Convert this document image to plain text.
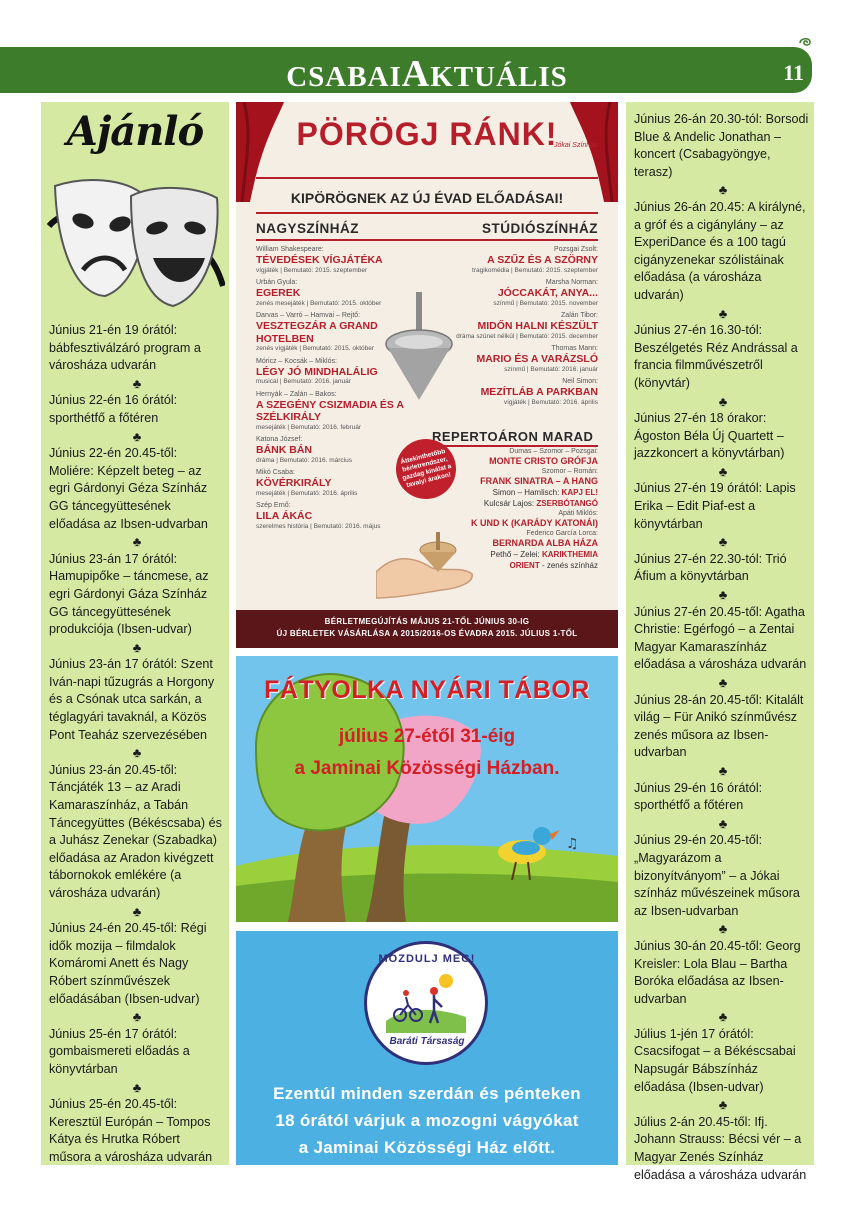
CSABAIAKTUÁLIS	11
Ajánló
Június 21-én 19 órától: bábfesztiválzáró program a városháza udvarán
♣
Június 22-én 16 órától: sporthétfő a főtéren
♣
Június 22-én 20.45-től: Moliére: Képzelt beteg – az egri Gárdonyi Géza Színház GG táncegyüttesének előadása az Ibsen-udvarban
♣
Június 23-án 17 órától: Hamupipőke – táncmese, az egri Gárdonyi Gáza Színház GG táncegyüttesének produkciója (Ibsen-udvar)
♣
Június 23-án 17 órától: Szent Iván-napi tűzugrás a Horgony és a Csónak utca sarkán, a téglagyári tavaknál, a Közös Pont Teaház szervezésében
♣
Június 23-án 20.45-től: Táncjáték 13 – az Aradi Kamaraszínház, a Tabán Táncegyüttes (Békéscsaba) és a Juhász Zenekar (Szabadka) előadása az Aradon kivégzett tábornokok emlékére (a városháza udvarán)
♣
Június 24-én 20.45-től: Régi idők mozija – filmdalok Komáromi Anett és Nagy Róbert színművészek előadásában (Ibsen-udvar)
♣
Június 25-én 17 órától: gombaismereti előadás a könyvtárban
♣
Június 25-én 20.45-től: Keresztül Európán – Tompos Kátya és Hrutka Róbert műsora a városháza udvarán
PÖRÖGJ RÁNK!
Jókai Színház
KIPÖRÖGNEK AZ ÚJ ÉVAD ELŐADÁSAI!
NAGYSZÍNHÁZ	STÚDIÓSZÍNHÁZ
William Shakespeare:
TÉVEDÉSEK VÍGJÁTÉKA
vígjáték | Bemutató: 2015. szeptember
Urbán Gyula:
EGEREK
zenés mesejáték | Bemutató: 2015. október
Darvas – Varró – Hamvai – Rejtő:
VESZTEGZÁR A GRAND HOTELBEN
zenés vígjáték | Bemutató: 2015. október
Móricz – Kocsák – Miklós:
LÉGY JÓ MINDHALÁLIG
musical | Bemutató: 2016. január
Hernyák – Zalán – Bakos:
A SZEGÉNY CSIZMADIA ÉS A SZÉLKIRÁLY
mesejáték | Bemutató: 2016. február
Katona József:
BÁNK BÁN
dráma | Bemutató: 2016. március
Mikó Csaba:
KÖVÉRKIRÁLY
mesejáték | Bemutató: 2016. április
Szép Ernő:
LILA ÁKÁC
szerelmes história | Bemutató: 2016. május
Pozsgai Zsolt:
A SZŰZ ÉS A SZÖRNY
tragikomédia | Bemutató: 2015. szeptember
Marsha Norman:
JÓCCAKÁT, ANYA...
színmű | Bemutató: 2015. november
Zalán Tibor:
MIDŐN HALNI KÉSZÜLT
dráma szünet nélkül | Bemutató: 2015. december
Thomas Mann:
MARIO ÉS A VARÁZSLÓ
színmű | Bemutató: 2016. január
Neil Simon:
MEZÍTLÁB A PARKBAN
vígjáték | Bemutató: 2016. április
REPERTOÁRON MARAD
Dumas – Szomor – Pozsgai:
MONTE CRISTO GRÓFJA
Szomor – Román:
FRANK SINATRA – A HANG
Simon – Hamlisch: KAPJ EL!
Kulcsár Lajos: ZSERBÓTANGÓ
Apáti Miklós:
K UND K (KARÁDY KATONÁI)
Federico García Lorca:
BERNARDA ALBA HÁZA
Pethő – Zelei: KARIKTHEMIA
ORIENT - zenés színház
Áttekinthetőbb bérletrendszer, gazdag kínálat a tavalyi árakon!
BÉRLETMEGÚJÍTÁS MÁJUS 21-TŐL JÚNIUS 30-IG
ÚJ BÉRLETEK VÁSÁRLÁSA A 2015/2016-OS ÉVADRA 2015. JÚLIUS 1-TŐL
♫
FÁTYOLKA NYÁRI TÁBOR
július 27-étől 31-éig
a Jaminai Közösségi Házban.
MOZDULJ MEG!
Baráti Társaság
Ezentúl minden szerdán és pénteken
18 órától várjuk a mozogni vágyókat
a Jaminai Közösségi Ház előtt.
Június 26-án 20.30-tól: Borsodi Blue & Andelic Jonathan – koncert (Csabagyöngye, terasz)
♣
Június 26-án 20.45: A királyné, a gróf és a cigánylány – az ExperiDance és a 100 tagú cigányzenekar szólistáinak előadása (a városháza udvarán)
♣
Június 27-én 16.30-tól: Beszélgetés Réz Andrással a francia filmművészetről (könyvtár)
♣
Június 27-én 18 órakor: Ágoston Béla Új Quartett – jazzkoncert a könyvtárban)
♣
Június 27-én 19 órától: Lapis Erika – Edit Piaf-est a könyvtárban
♣
Június 27-én 22.30-tól: Trió Áfium a könyvtárban
♣
Június 27-én 20.45-től: Agatha Christie: Egérfogó – a Zentai Magyar Kamaraszínház előadása a városháza udvarán
♣
Június 28-án 20.45-től: Kitalált világ – Für Anikó színművész zenés műsora az Ibsen-udvarban
♣
Június 29-én 16 órától: sporthétfő a főtéren
♣
Június 29-én 20.45-től: „Magyarázom a bizonyítványom” – a Jókai színház művészeinek műsora az Ibsen-udvarban
♣
Június 30-án 20.45-től: Georg Kreisler: Lola Blau – Bartha Boróka előadása az Ibsen-udvarban
♣
Július 1-jén 17 órától: Csacsifogat – a Békéscsabai Napsugár Bábszínház előadása (Ibsen-udvar)
♣
Július 2-án 20.45-től: Ifj. Johann Strauss: Bécsi vér – a Magyar Zenés Színház előadása a városháza udvarán
